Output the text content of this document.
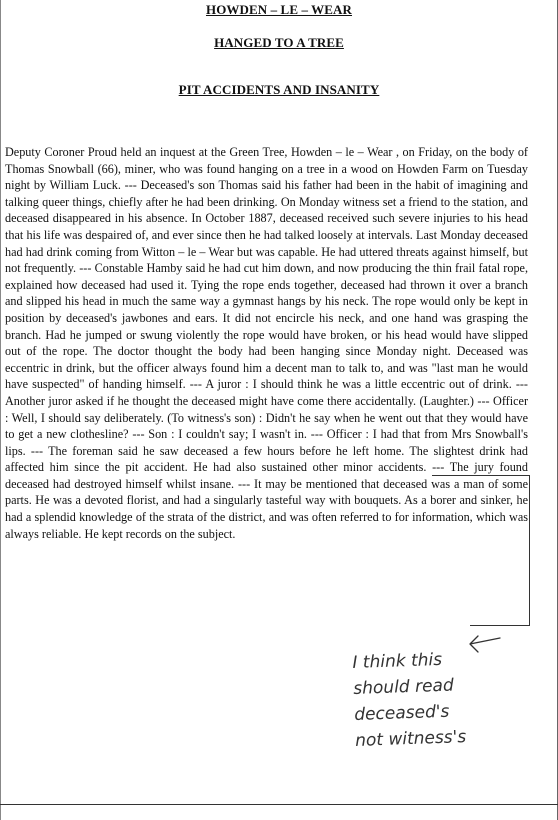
HOWDEN – LE – WEAR
HANGED TO A TREE
PIT ACCIDENTS AND INSANITY

Deputy Coroner Proud held an inquest at the Green Tree, Howden – le – Wear , on Friday, on the body of Thomas Snowball (66), miner, who was found hanging on a tree in a wood on Howden Farm on Tuesday night by William Luck. --- Deceased's son Thomas said his father had been in the habit of imagining and talking queer things, chiefly after he had been drinking. On Monday witness set a friend to the station, and deceased disappeared in his absence. In October 1887, deceased received such severe injuries to his head that his life was despaired of, and ever since then he had talked loosely at intervals. Last Monday deceased had had drink coming from Witton – le – Wear but was capable. He had uttered threats against himself, but not frequently. --- Constable Hamby said he had cut him down, and now producing the thin frail fatal rope, explained how deceased had used it. Tying the rope ends together, deceased had thrown it over a branch and slipped his head in much the same way a gymnast hangs by his neck. The rope would only be kept in position by deceased's jawbones and ears. It did not encircle his neck, and one hand was grasping the branch. Had he jumped or swung violently the rope would have broken, or his head would have slipped out of the rope. The doctor thought the body had been hanging since Monday night. Deceased was eccentric in drink, but the officer always found him a decent man to talk to, and was "last man he would have suspected" of handing himself. --- A juror : I should think he was a little eccentric out of drink. --- Another juror asked if he thought the deceased might have come there accidentally. (Laughter.) --- Officer : Well, I should say deliberately. (To witness's son) : Didn't he say when he went out that they would have to get a new clothesline? --- Son : I couldn't say; I wasn't in. --- Officer : I had that from Mrs Snowball's lips. --- The foreman said he saw deceased a few hours before he left home. The slightest drink had affected him since the pit accident. He had also sustained other minor accidents. --- The jury found deceased had destroyed himself whilst insane. --- It may be mentioned that deceased was a man of some parts. He was a devoted florist, and had a singularly tasteful way with bouquets. As a borer and sinker, he had a splendid knowledge of the strata of the district, and was often referred to for information, which was always reliable. He kept records on the subject.

I think this
should read
deceased's
not witness's
